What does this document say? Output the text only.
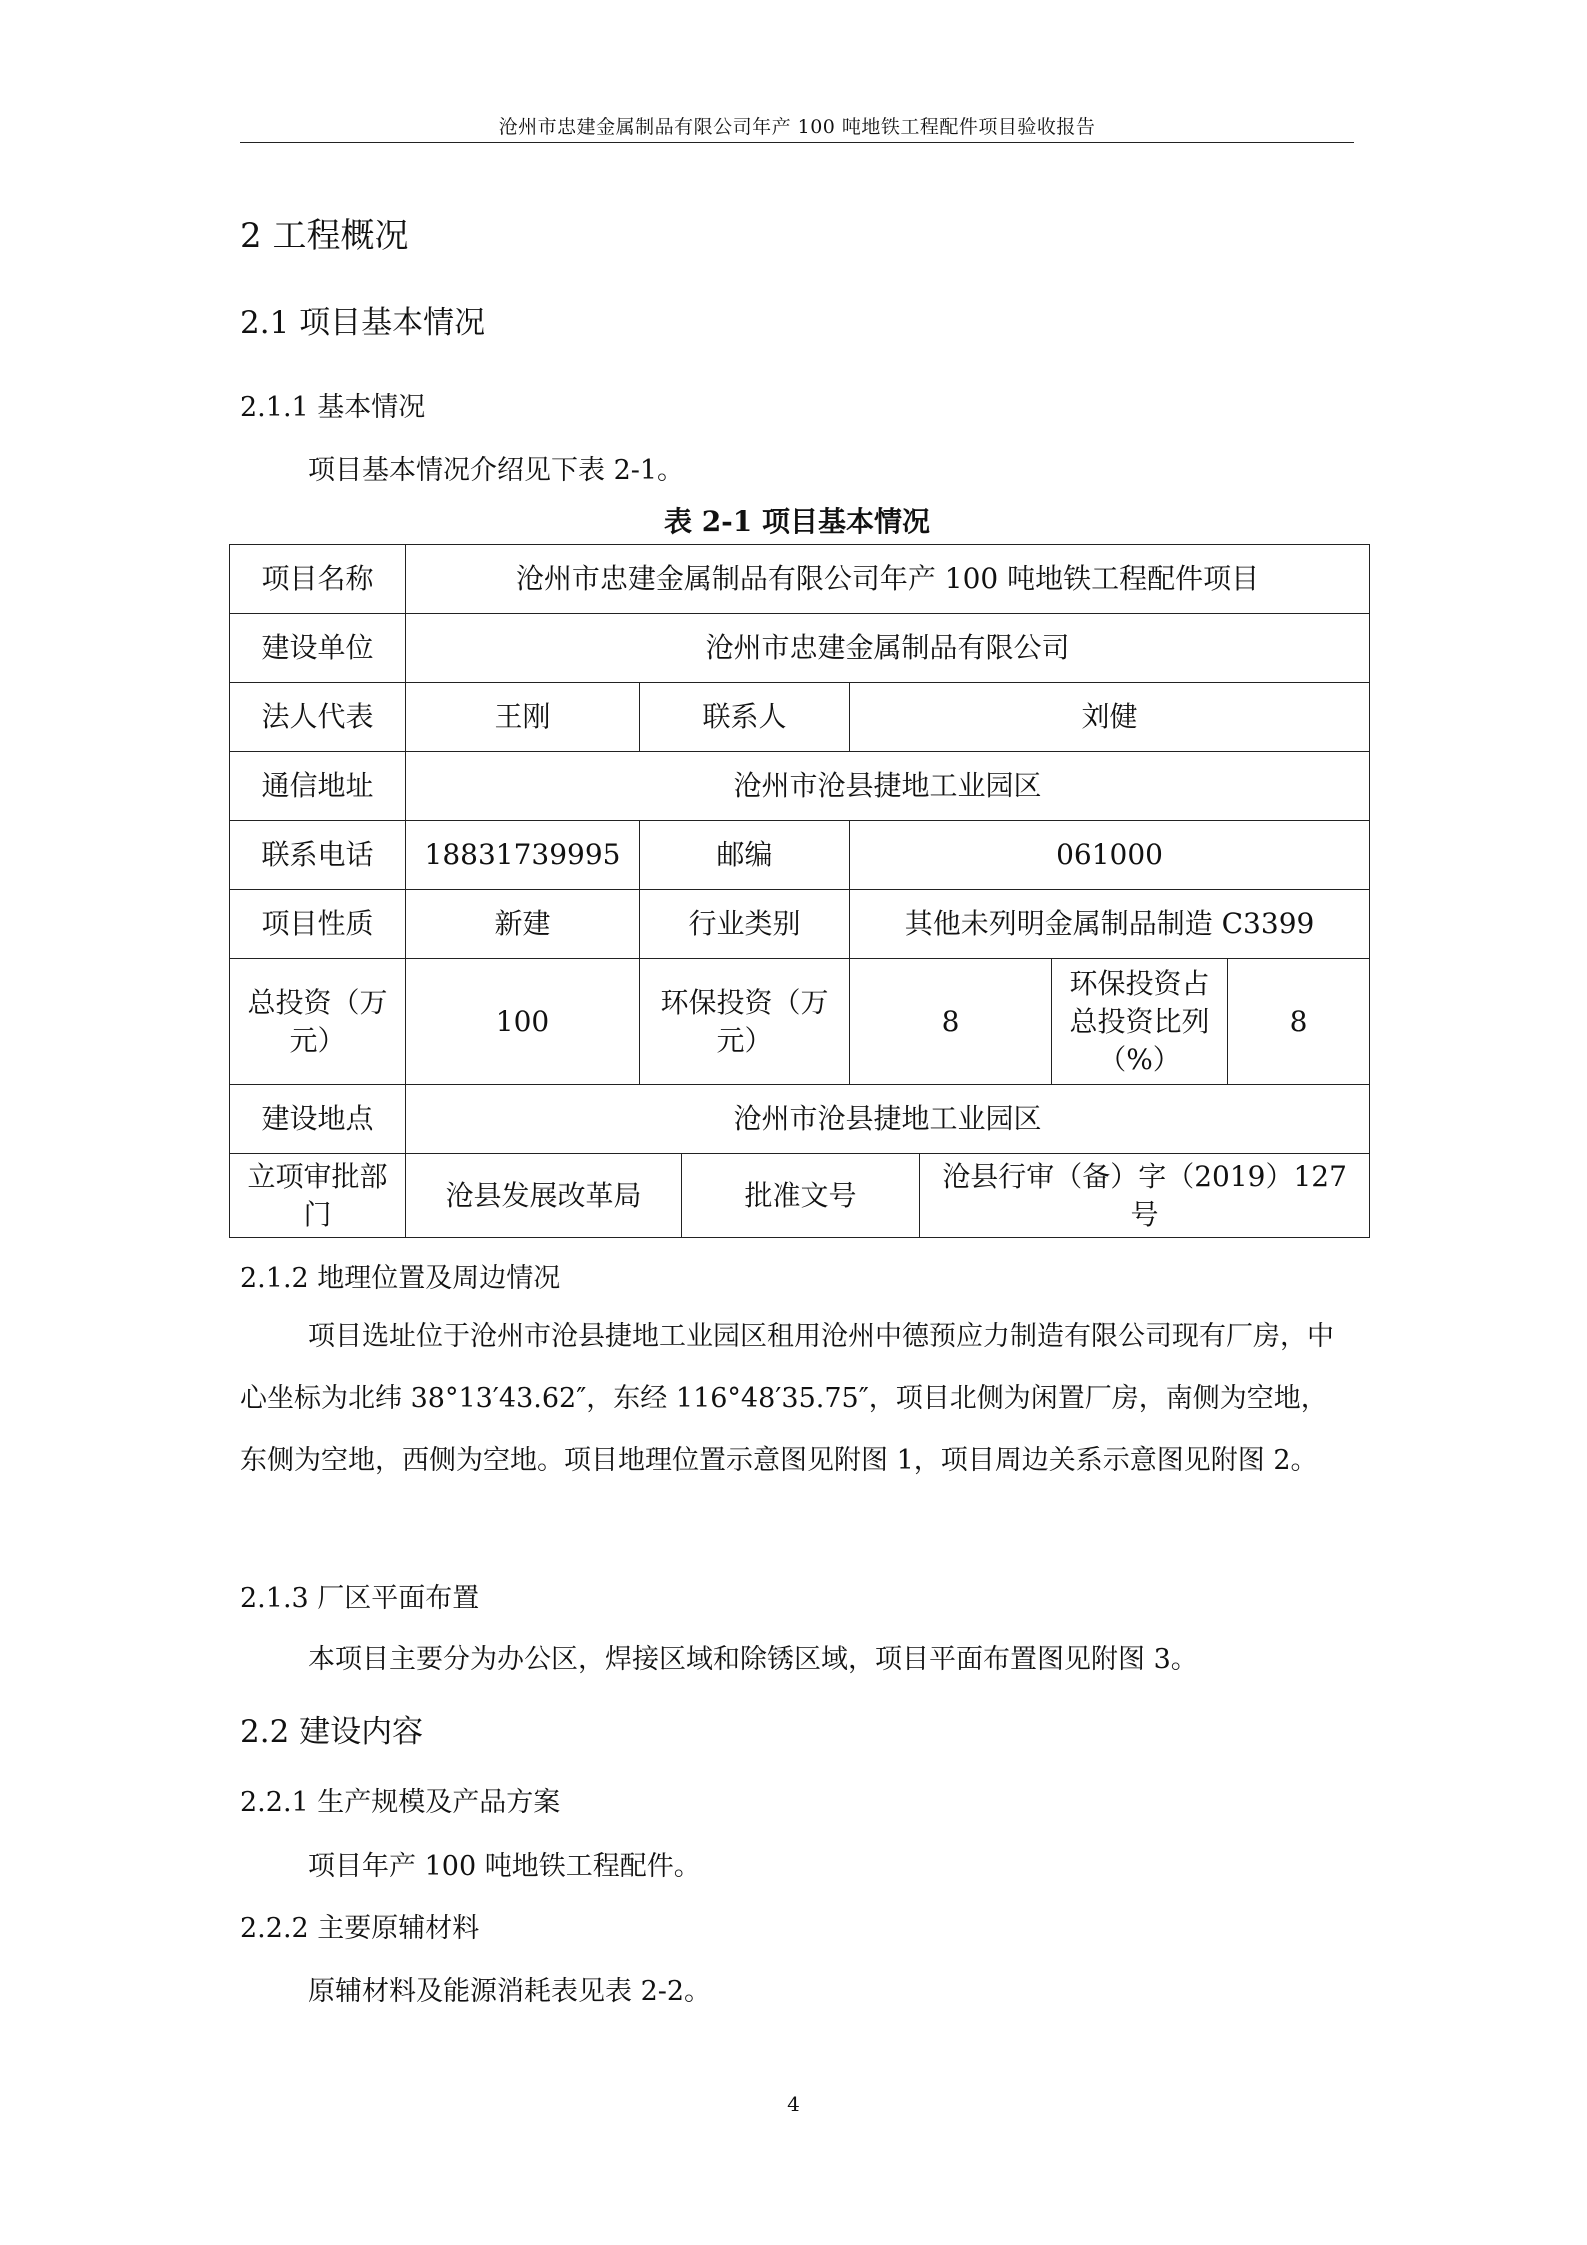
沧州市忠建金属制品有限公司年产 100 吨地铁工程配件项目验收报告
2 工程概况
2.1 项目基本情况
2.1.1 基本情况
项目基本情况介绍见下表 2-1。
表 2-1 项目基本情况
项目名称	沧州市忠建金属制品有限公司年产 100 吨地铁工程配件项目						
建设单位	沧州市忠建金属制品有限公司						
法人代表	王刚	联系人		刘健			
通信地址	沧州市沧县捷地工业园区						
联系电话	18831739995	邮编		061000			
项目性质	新建	行业类别		其他未列明金属制品制造 C3399			
总投资（万元）	100	环保投资（万元）		8		环保投资占总投资比列（%）	8
建设地点	沧州市沧县捷地工业园区						
立项审批部门	沧县发展改革局		批准文号		沧县行审（备）字（2019）127 号		
2.1.2 地理位置及周边情况
项目选址位于沧州市沧县捷地工业园区租用沧州中德预应力制造有限公司现有厂房，中心坐标为北纬 38°13′43.62″，东经 116°48′35.75″，项目北侧为闲置厂房，南侧为空地，东侧为空地，西侧为空地。项目地理位置示意图见附图 1，项目周边关系示意图见附图 2。
2.1.3 厂区平面布置
本项目主要分为办公区，焊接区域和除锈区域，项目平面布置图见附图 3。
2.2 建设内容
2.2.1 生产规模及产品方案
项目年产 100 吨地铁工程配件。
2.2.2 主要原辅材料
原辅材料及能源消耗表见表 2-2。
4
